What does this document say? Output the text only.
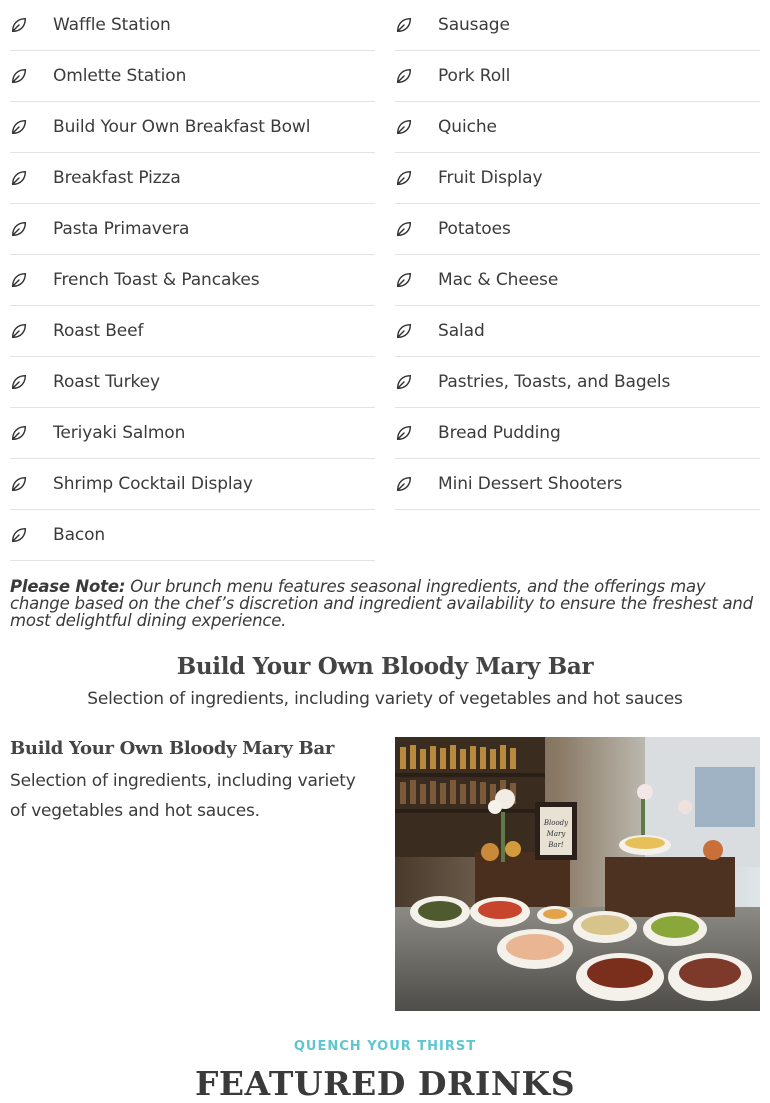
Waffle Station
Omlette Station
Build Your Own Breakfast Bowl
Breakfast Pizza
Pasta Primavera
French Toast & Pancakes
Roast Beef
Roast Turkey
Teriyaki Salmon
Shrimp Cocktail Display
Bacon
Sausage
Pork Roll
Quiche
Fruit Display
Potatoes
Mac & Cheese
Salad
Pastries, Toasts, and Bagels
Bread Pudding
Mini Dessert Shooters

Please Note: Our brunch menu features seasonal ingredients, and the offerings may change based on the chef’s discretion and ingredient availability to ensure the freshest and most delightful dining experience.

Build Your Own Bloody Mary Bar

Selection of ingredients, including variety of vegetables and hot sauces

Build Your Own Bloody Mary Bar

Selection of ingredients, including variety of vegetables and hot sauces.

Bloody
Mary
Bar!
QUENCH YOUR THIRST
FEATURED DRINKS
